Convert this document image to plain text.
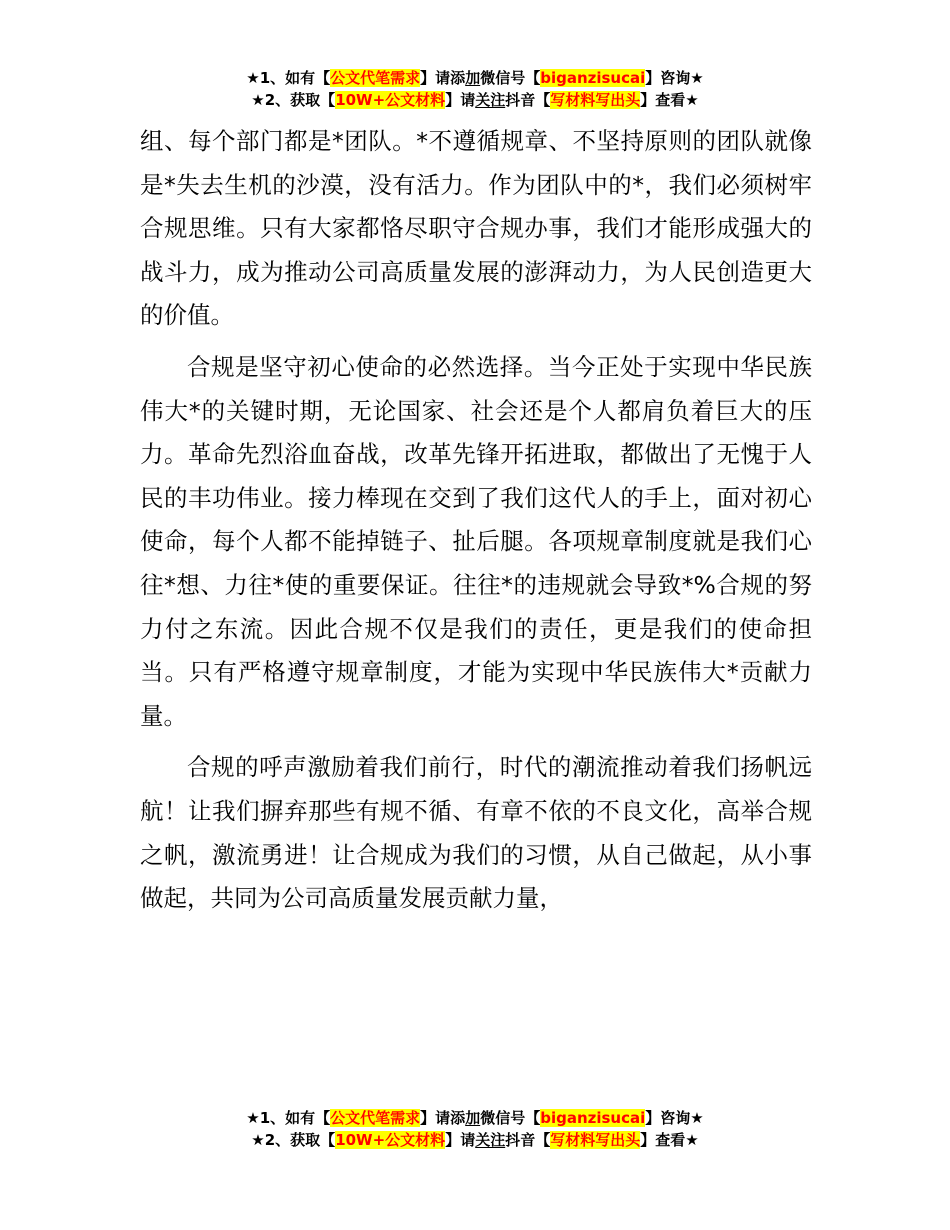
★1、如有【公文代笔需求】请添加微信号【biganzisucai】咨询★
★2、获取【10W+公文材料】请关注抖音【写材料写出头】查看★

组、每个部门都是*团队。*不遵循规章、不坚持原则的团队就像是*失去生机的沙漠，没有活力。作为团队中的*，我们必须树牢合规思维。只有大家都恪尽职守合规办事，我们才能形成强大的战斗力，成为推动公司高质量发展的澎湃动力，为人民创造更大的价值。

合规是坚守初心使命的必然选择。当今正处于实现中华民族伟大*的关键时期，无论国家、社会还是个人都肩负着巨大的压力。革命先烈浴血奋战，改革先锋开拓进取，都做出了无愧于人民的丰功伟业。接力棒现在交到了我们这代人的手上，面对初心使命，每个人都不能掉链子、扯后腿。各项规章制度就是我们心往*想、力往*使的重要保证。往往*的违规就会导致*%合规的努力付之东流。因此合规不仅是我们的责任，更是我们的使命担当。只有严格遵守规章制度，才能为实现中华民族伟大*贡献力量。

合规的呼声激励着我们前行，时代的潮流推动着我们扬帆远航！让我们摒弃那些有规不循、有章不依的不良文化，高举合规之帆，激流勇进！让合规成为我们的习惯，从自己做起，从小事做起，共同为公司高质量发展贡献力量，

★1、如有【公文代笔需求】请添加微信号【biganzisucai】咨询★
★2、获取【10W+公文材料】请关注抖音【写材料写出头】查看★
